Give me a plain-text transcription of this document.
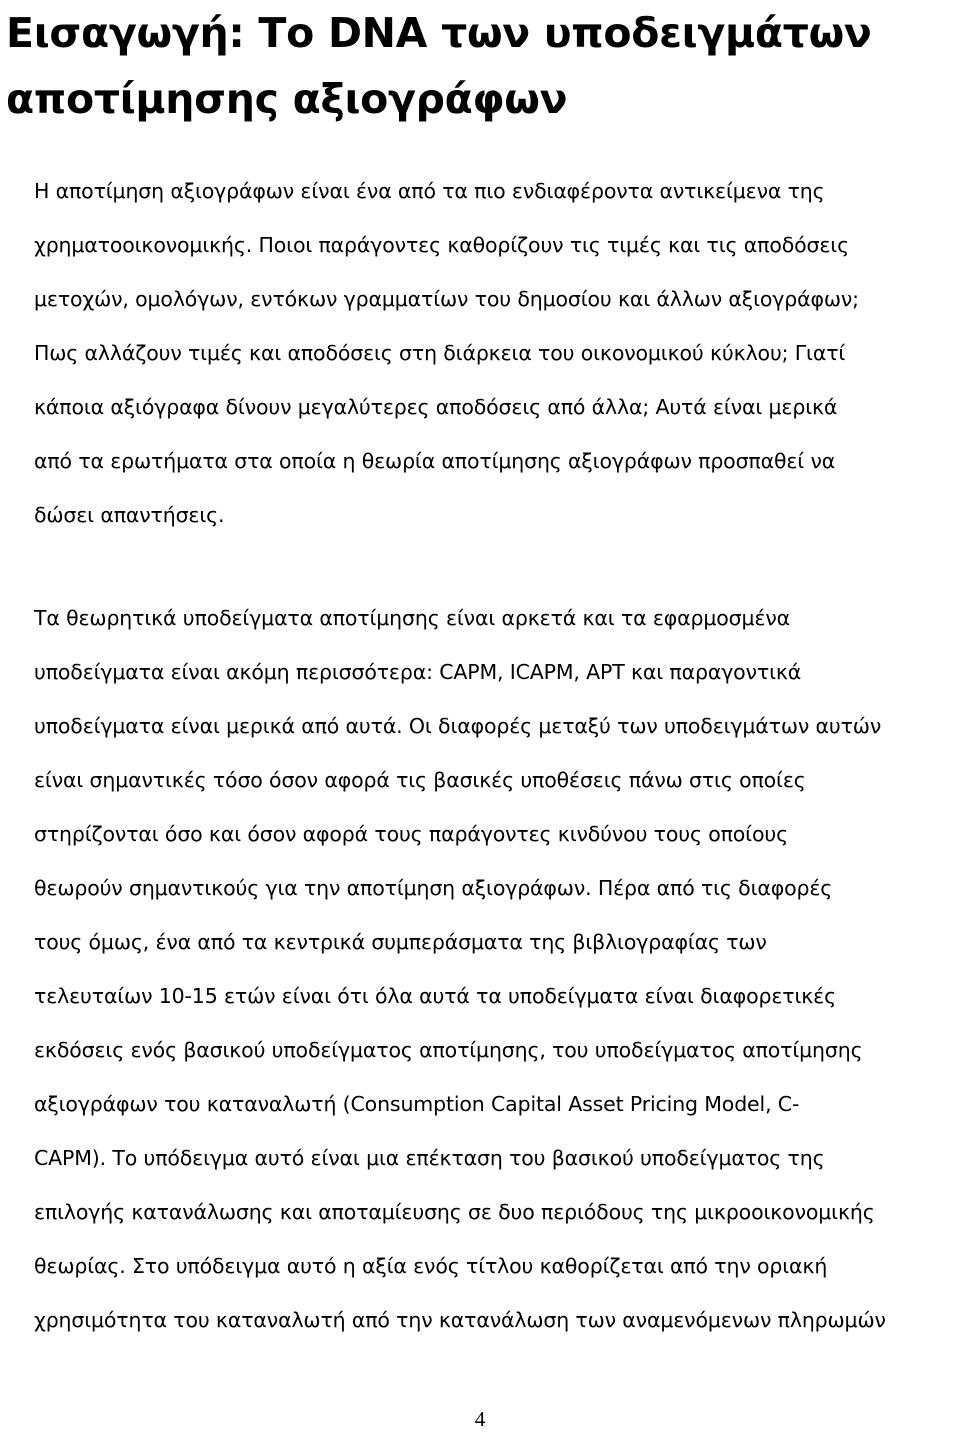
Εισαγωγή: Το DNA των υποδειγμάτων
αποτίμησης αξιογράφων

Η αποτίμηση αξιογράφων είναι ένα από τα πιο ενδιαφέροντα αντικείμενα της
χρηματοοικονομικής. Ποιοι παράγοντες καθορίζουν τις τιμές και τις αποδόσεις
μετοχών, ομολόγων, εντόκων γραμματίων του δημοσίου και άλλων αξιογράφων;
Πως αλλάζουν τιμές και αποδόσεις στη διάρκεια του οικονομικού κύκλου; Γιατί
κάποια αξιόγραφα δίνουν μεγαλύτερες αποδόσεις από άλλα; Αυτά είναι μερικά
από τα ερωτήματα στα οποία η θεωρία αποτίμησης αξιογράφων προσπαθεί να
δώσει απαντήσεις.

Τα θεωρητικά υποδείγματα αποτίμησης είναι αρκετά και τα εφαρμοσμένα
υποδείγματα είναι ακόμη περισσότερα: CAPM, ICAPM, APT και παραγοντικά
υποδείγματα είναι μερικά από αυτά. Οι διαφορές μεταξύ των υποδειγμάτων αυτών
είναι σημαντικές τόσο όσον αφορά τις βασικές υποθέσεις πάνω στις οποίες
στηρίζονται όσο και όσον αφορά τους παράγοντες κινδύνου τους οποίους
θεωρούν σημαντικούς για την αποτίμηση αξιογράφων. Πέρα από τις διαφορές
τους όμως, ένα από τα κεντρικά συμπεράσματα της βιβλιογραφίας των
τελευταίων 10-15 ετών είναι ότι όλα αυτά τα υποδείγματα είναι διαφορετικές
εκδόσεις ενός βασικού υποδείγματος αποτίμησης, του υποδείγματος αποτίμησης
αξιογράφων του καταναλωτή (Consumption Capital Asset Pricing Model, C-
CAPM). Το υπόδειγμα αυτό είναι μια επέκταση του βασικού υποδείγματος της
επιλογής κατανάλωσης και αποταμίευσης σε δυο περιόδους της μικροοικονομικής
θεωρίας. Στο υπόδειγμα αυτό η αξία ενός τίτλου καθορίζεται από την οριακή
χρησιμότητα του καταναλωτή από την κατανάλωση των αναμενόμενων πληρωμών

4
